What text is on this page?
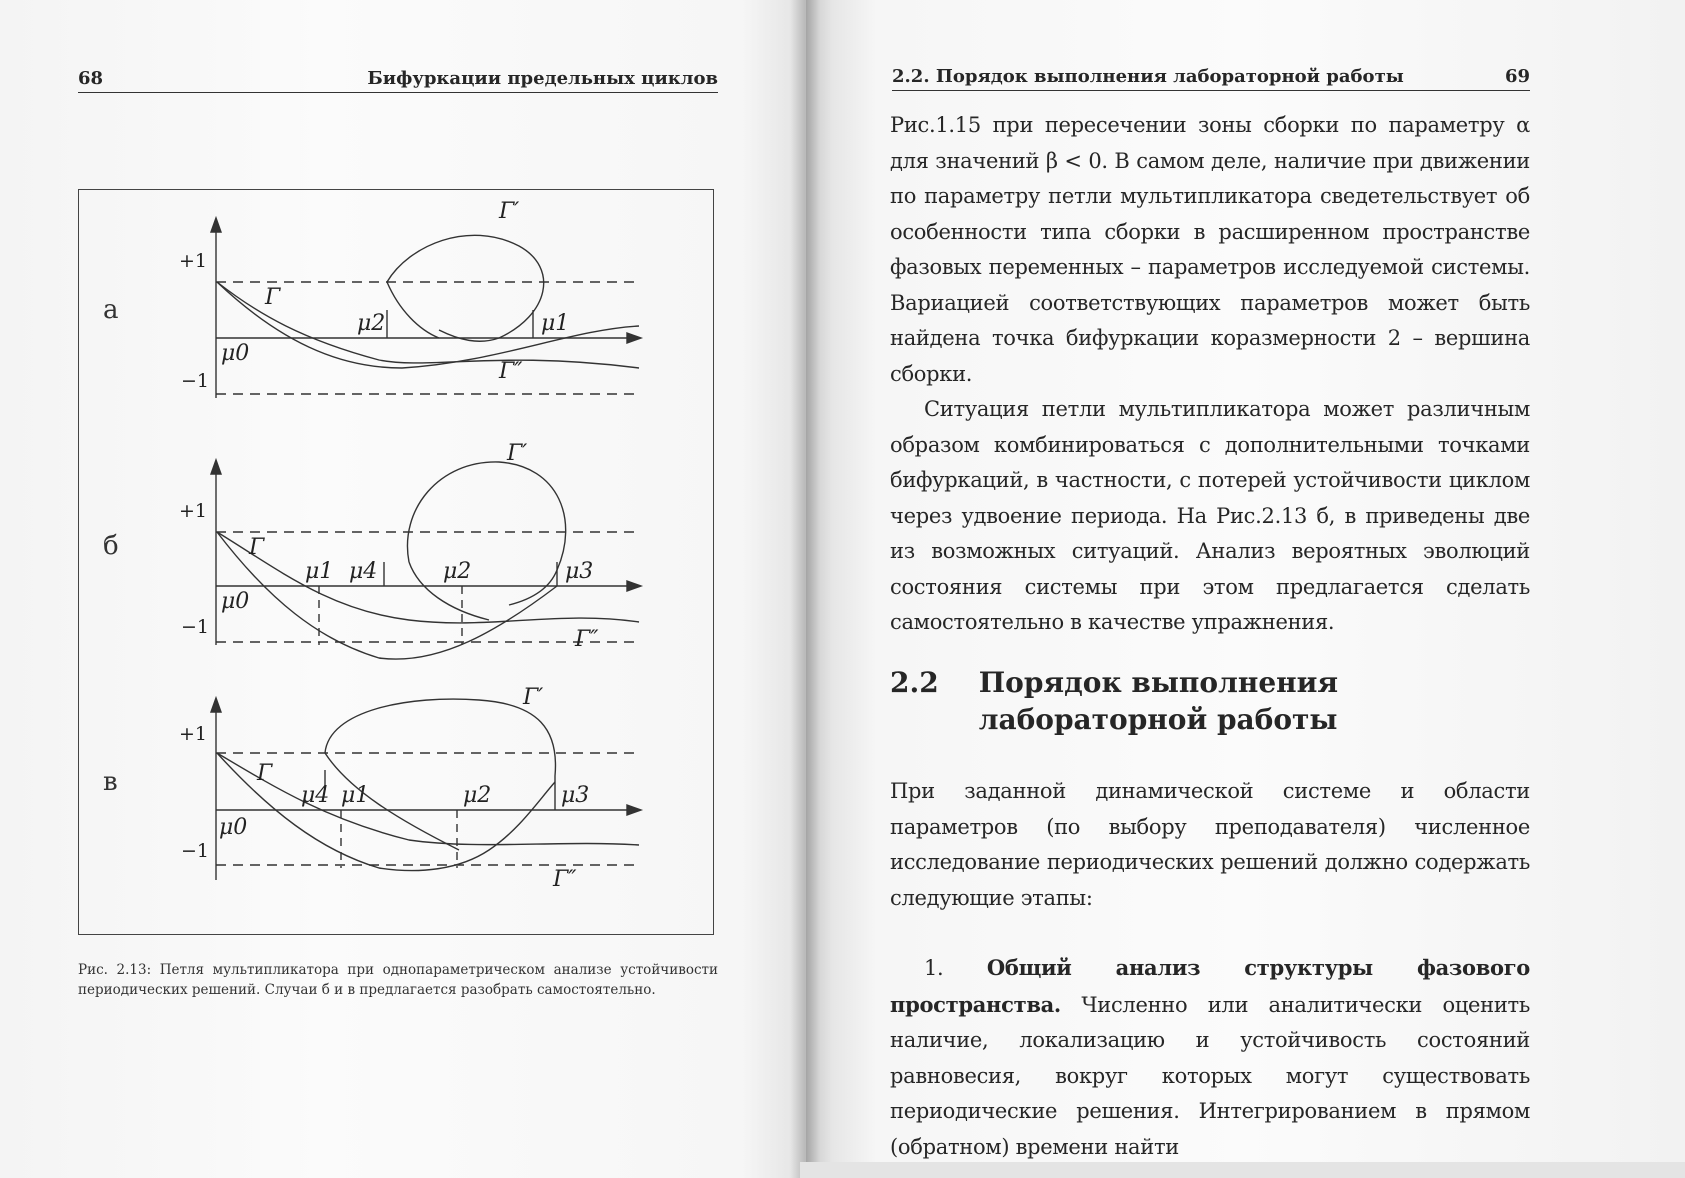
68	Бифуркации предельных циклов
а
б
в
+1
−1
Γ
Γ′
Γ″
μ0
μ2	μ1
+1
−1
Γ
Γ′
Γ″
μ0
μ1 μ4	μ2	μ3
+1
−1
Γ
Γ′
Γ″
μ0
μ4 μ1	μ2	μ3
Рис. 2.13: Петля мультипликатора при однопараметрическом анализе устойчивости периодических решений. Случаи б и в предлагается разобрать самостоятельно.
2.2. Порядок выполнения лабораторной работы	69

Рис.1.15 при пересечении зоны сборки по параметру α для значений β < 0. В самом деле, наличие при движении по параметру петли мультипликатора сведетельствует об особенности типа сборки в расширенном пространстве фазовых переменных – параметров исследуемой системы. Вариацией соответствующих параметров может быть найдена точка бифуркации коразмерности 2 – вершина сборки.

Ситуация петли мультипликатора может различным образом комбинироваться с дополнительными точками бифуркаций, в частности, с потерей устойчивости циклом через удвоение периода. На Рис.2.13 б, в приведены две из возможных ситуаций. Анализ вероятных эволюций состояния системы при этом предлагается сделать самостоятельно в качестве упражнения.

2.2 Порядок выполнения лабораторной работы

При заданной динамической системе и области параметров (по выбору преподавателя) численное исследование периодических решений должно содержать следующие этапы:

1. Общий анализ структуры фазового пространства. Численно или аналитически оценить наличие, локализацию и устойчивость состояний равновесия, вокруг которых могут существовать периодические решения. Интегрированием в прямом (обратном) времени найти
